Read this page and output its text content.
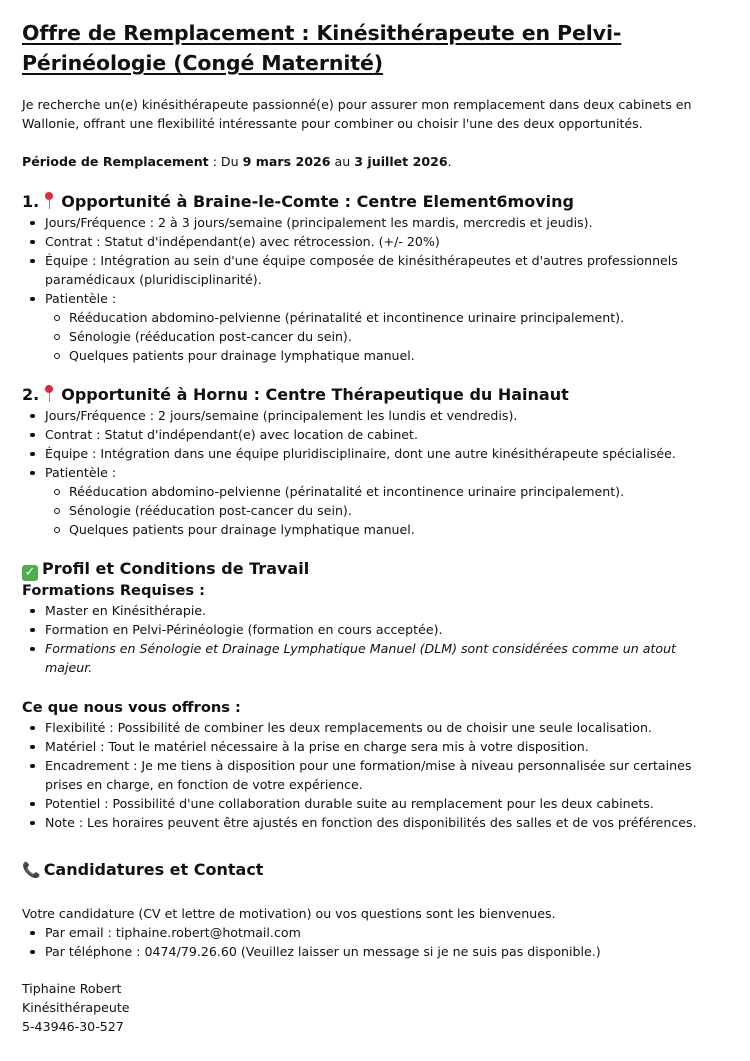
Offre de Remplacement : Kinésithérapeute en Pelvi-Périnéologie (Congé Maternité)

Je recherche un(e) kinésithérapeute passionné(e) pour assurer mon remplacement dans deux cabinets en Wallonie, offrant une flexibilité intéressante pour combiner ou choisir l'une des deux opportunités.

Période de Remplacement : Du 9 mars 2026 au 3 juillet 2026.

1. Opportunité à Braine-le-Comte : Centre Element6moving
Jours/Fréquence : 2 à 3 jours/semaine (principalement les mardis, mercredis et jeudis).
Contrat : Statut d'indépendant(e) avec rétrocession. (+/- 20%)
Équipe : Intégration au sein d'une équipe composée de kinésithérapeutes et d'autres professionnels paramédicaux (pluridisciplinarité).
Patientèle :
Rééducation abdomino-pelvienne (périnatalité et incontinence urinaire principalement).
Sénologie (rééducation post-cancer du sein).
Quelques patients pour drainage lymphatique manuel.
2. Opportunité à Hornu : Centre Thérapeutique du Hainaut
Jours/Fréquence : 2 jours/semaine (principalement les lundis et vendredis).
Contrat : Statut d'indépendant(e) avec location de cabinet.
Équipe : Intégration dans une équipe pluridisciplinaire, dont une autre kinésithérapeute spécialisée.
Patientèle :
Rééducation abdomino-pelvienne (périnatalité et incontinence urinaire principalement).
Sénologie (rééducation post-cancer du sein).
Quelques patients pour drainage lymphatique manuel.
✓ Profil et Conditions de Travail
Formations Requises :
Master en Kinésithérapie.
Formation en Pelvi-Périnéologie (formation en cours acceptée).
Formations en Sénologie et Drainage Lymphatique Manuel (DLM) sont considérées comme un atout majeur.
Ce que nous vous offrons :
Flexibilité : Possibilité de combiner les deux remplacements ou de choisir une seule localisation.
Matériel : Tout le matériel nécessaire à la prise en charge sera mis à votre disposition.
Encadrement : Je me tiens à disposition pour une formation/mise à niveau personnalisée sur certaines prises en charge, en fonction de votre expérience.
Potentiel : Possibilité d'une collaboration durable suite au remplacement pour les deux cabinets.
Note : Les horaires peuvent être ajustés en fonction des disponibilités des salles et de vos préférences.
📞 Candidatures et Contact

Votre candidature (CV et lettre de motivation) ou vos questions sont les bienvenues.

Par email : tiphaine.robert@hotmail.com
Par téléphone : 0474/79.26.60 (Veuillez laisser un message si je ne suis pas disponible.)
Tiphaine Robert
Kinésithérapeute
5-43946-30-527
